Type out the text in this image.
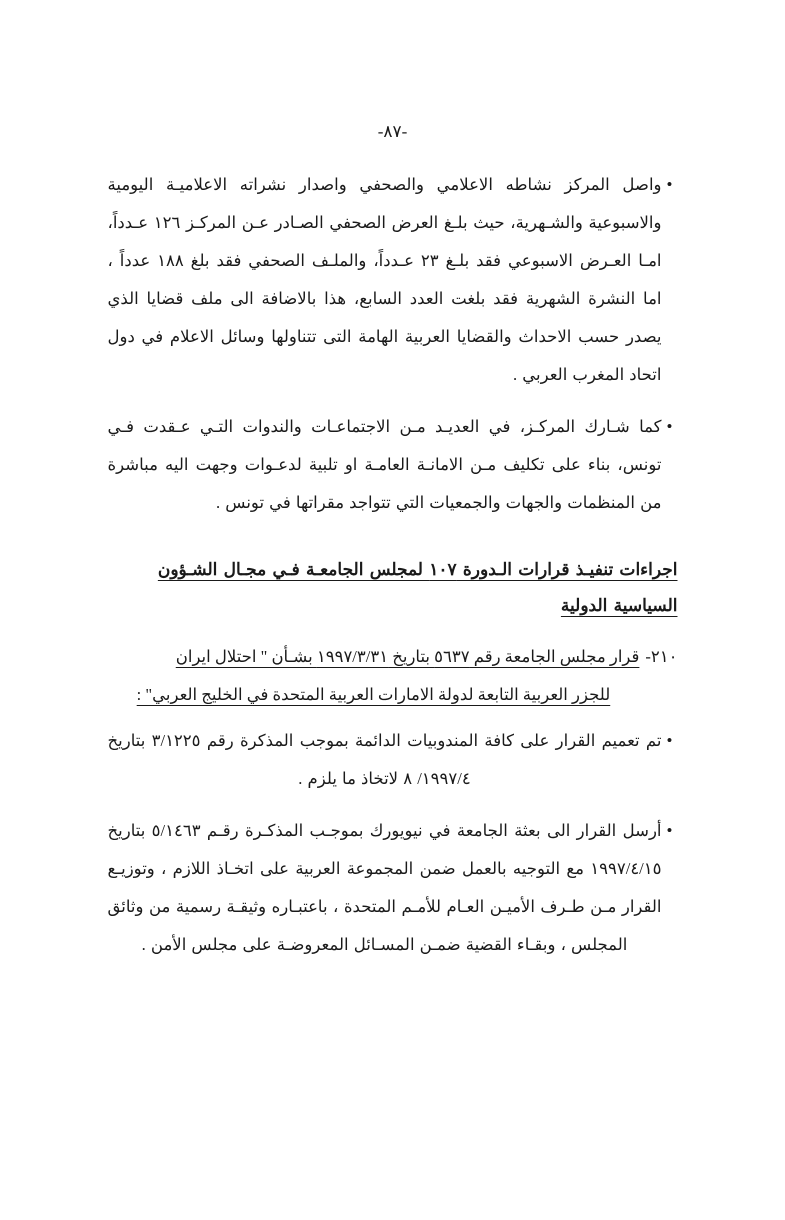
-٨٧-
•
واصل المركز نشاطه الاعلامي والصحفي واصدار نشراته الاعلاميـة اليومية والاسبوعية والشـهرية، حيث بلـغ العرض الصحفي الصـادر عـن المركـز ١٢٦ عـدداً، امـا العـرض الاسبوعي فقد بلـغ ٢٣ عـدداً، والملـف الصحفي فقد بلغ ١٨٨ عدداً ، اما النشرة الشهرية فقد بلغت العدد السابع، هذا بالاضافة الى ملف قضايا الذي يصدر حسب الاحداث والقضايا العربية الهامة التى تتناولها وسائل الاعلام في دول اتحاد المغرب العربي .
•
كما شـارك المركـز، في العديـد مـن الاجتماعـات والندوات التـي عـقدت فـي تونس، بناء على تكليف مـن الامانـة العامـة او تلبية لدعـوات وجهت اليه مباشرة من المنظمات والجهات والجمعيات التي تتواجد مقراتها في تونس .
اجراءات تنفيـذ قرارات الـدورة ١٠٧ لمجلس الجامعـة فـي مجـال الشـؤون
السياسية الدولية
٢١٠-
قرار مجلس الجامعة رقم ٥٦٣٧ بتاريخ ١٩٩٧/٣/٣١ بشـأن " احتلال ايران
للجزر العربية التابعة لدولة الامارات العربية المتحدة في الخليج العربي" :
•
تم تعميم القرار على كافة المندوبيات الدائمة بموجب المذكرة رقم ٣/١٢٢٥ بتاريخ ١٩٩٧/٤/ ٨ لاتخاذ ما يلزم .
•
أرسل القرار الى بعثة الجامعة في نيويورك بموجـب المذكـرة رقـم ٥/١٤٦٣ بتاريخ ١٩٩٧/٤/١٥ مع التوجيه بالعمل ضمن المجموعة العربية على اتخـاذ اللازم ، وتوزيـع القرار مـن طـرف الأميـن العـام للأمـم المتحدة ، باعتبـاره وثيقـة رسمية من وثائق المجلس ، وبقـاء القضية ضمـن المسـائل المعروضـة على مجلس الأمن .
